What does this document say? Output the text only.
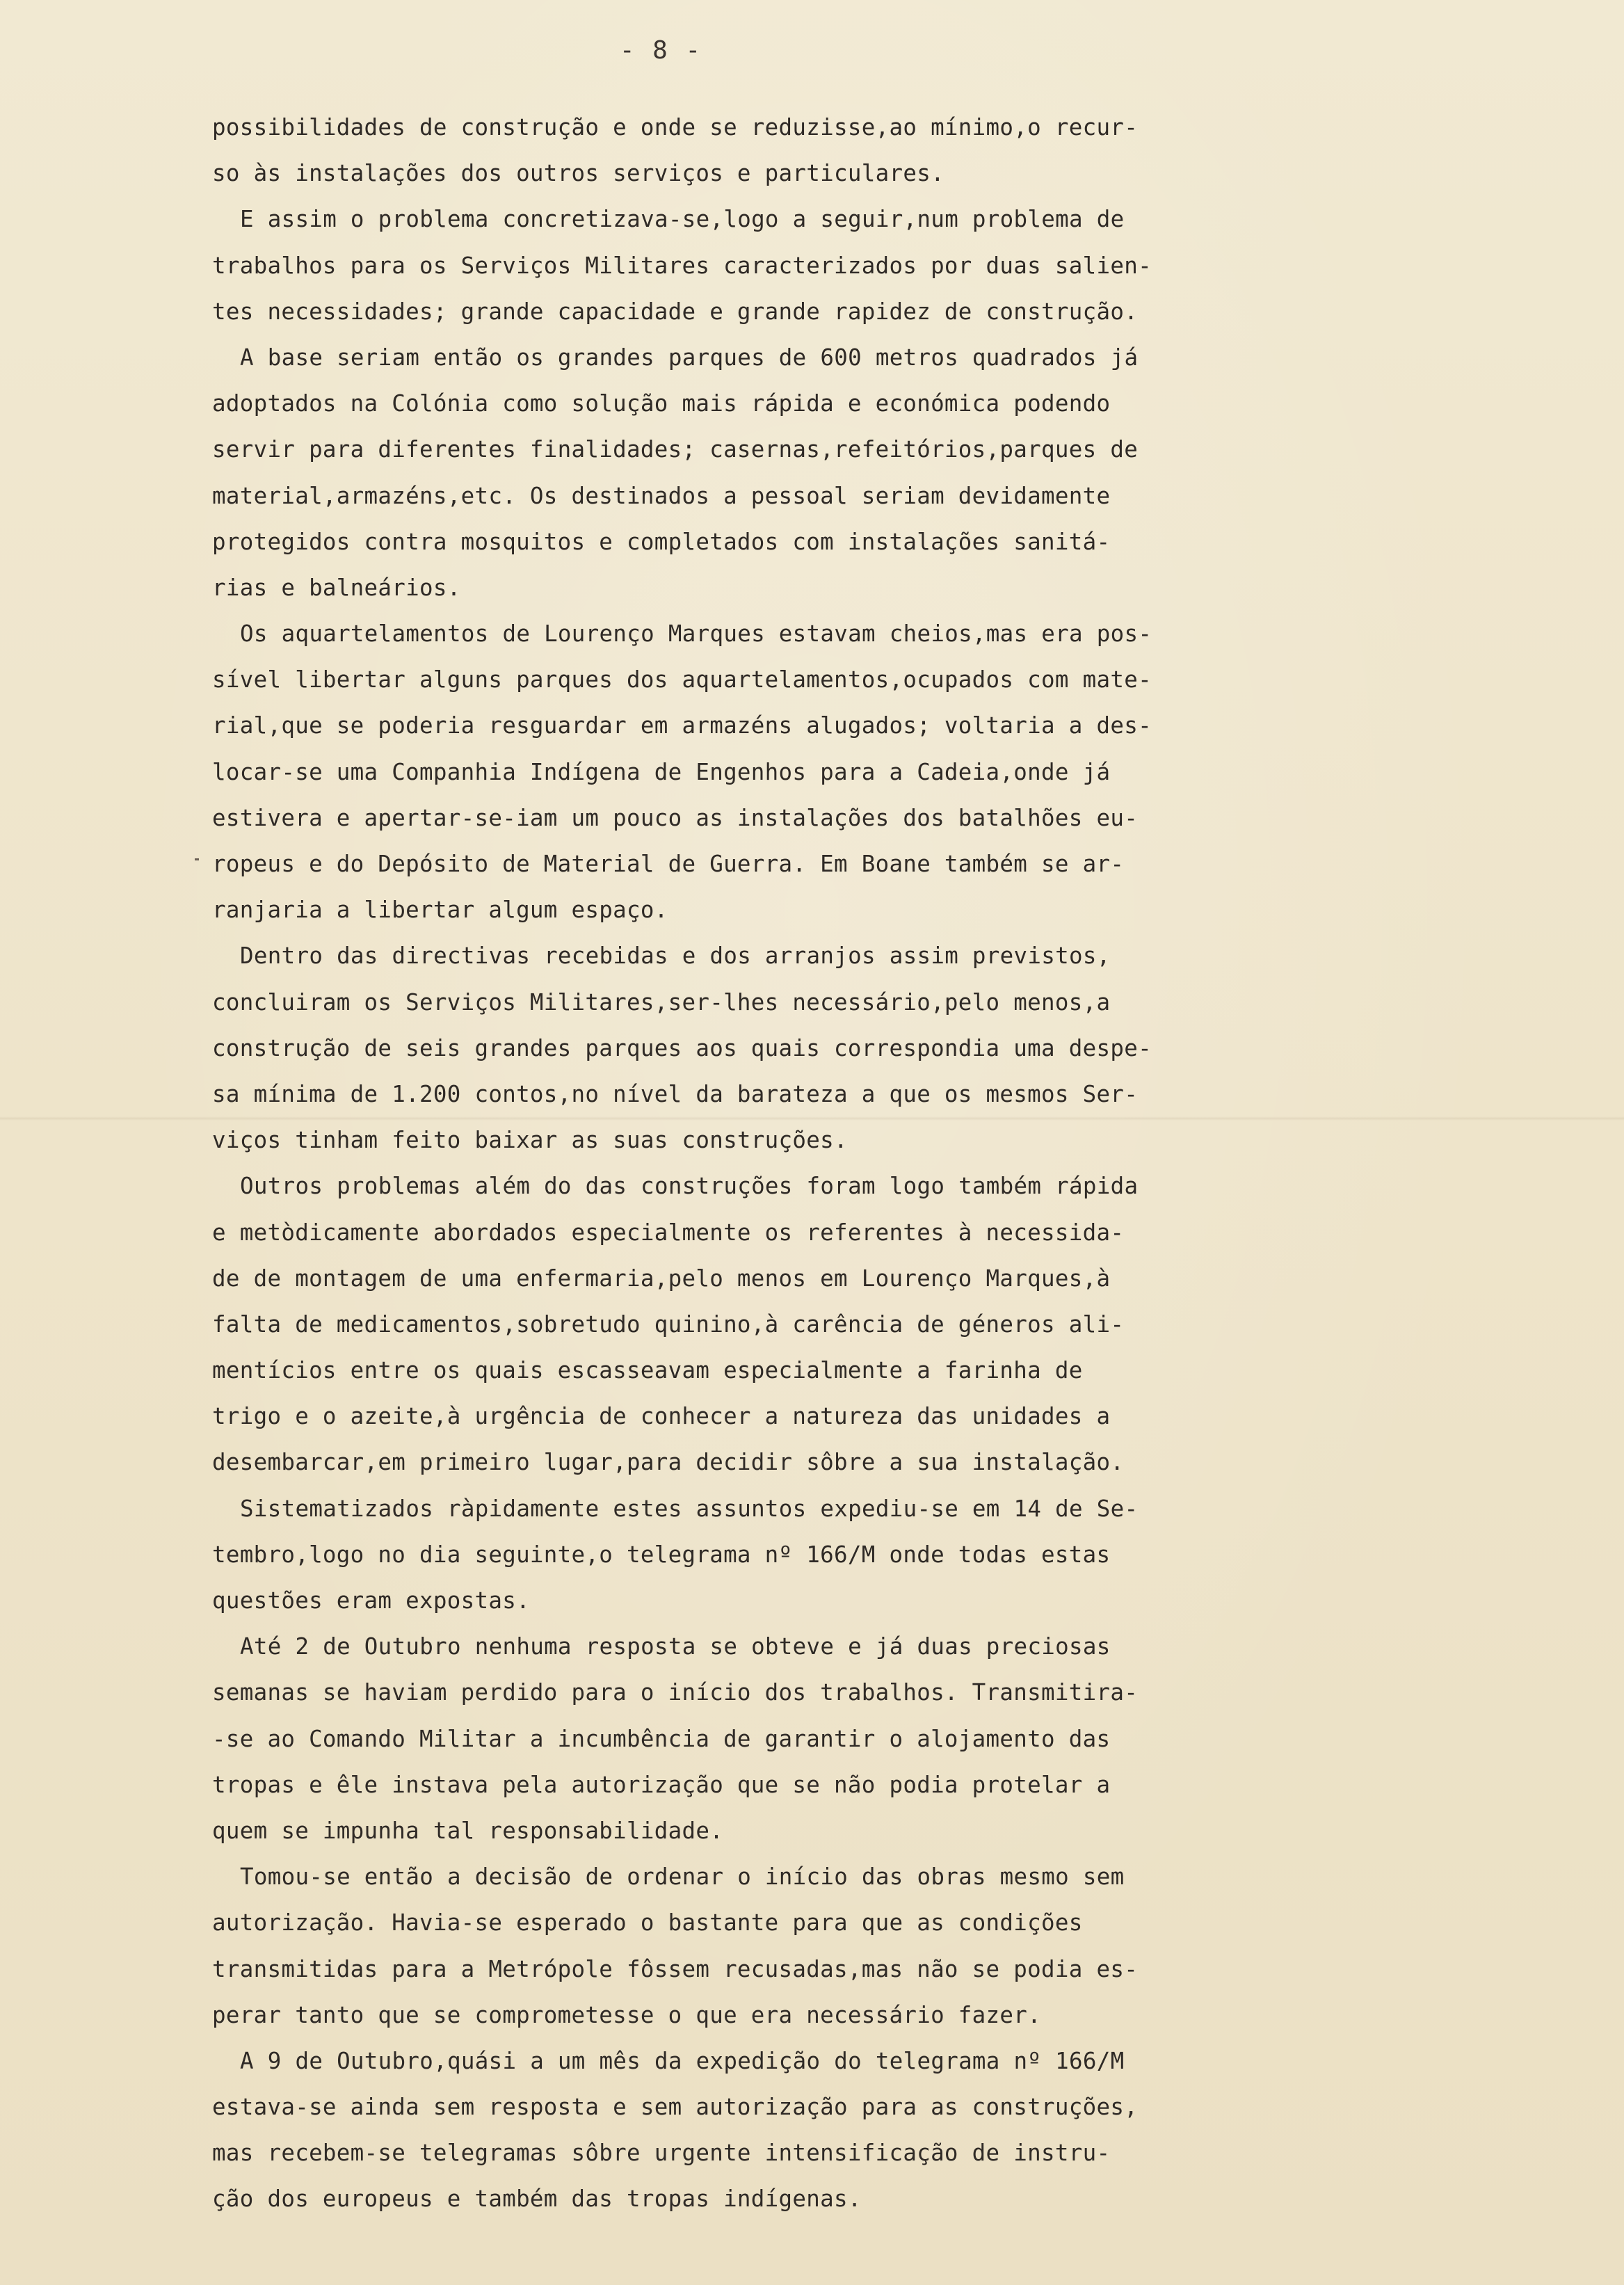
- 8 -
possibilidades de construção e onde se reduzisse,ao mínimo,o recur-
so às instalações dos outros serviços e particulares.
E assim o problema concretizava-se,logo a seguir,num problema de
trabalhos para os Serviços Militares caracterizados por duas salien-
tes necessidades; grande capacidade e grande rapidez de construção.
A base seriam então os grandes parques de 600 metros quadrados já
adoptados na Colónia como solução mais rápida e económica podendo
servir para diferentes finalidades; casernas,refeitórios,parques de
material,armazéns,etc. Os destinados a pessoal seriam devidamente
protegidos contra mosquitos e completados com instalações sanitá-
rias e balneários.
Os aquartelamentos de Lourenço Marques estavam cheios,mas era pos-
sível libertar alguns parques dos aquartelamentos,ocupados com mate-
rial,que se poderia resguardar em armazéns alugados; voltaria a des-
locar-se uma Companhia Indígena de Engenhos para a Cadeia,onde já
estivera e apertar-se-iam um pouco as instalações dos batalhões eu-
ropeus e do Depósito de Material de Guerra. Em Boane também se ar-
ranjaria a libertar algum espaço.
Dentro das directivas recebidas e dos arranjos assim previstos,
concluiram os Serviços Militares,ser-lhes necessário,pelo menos,a
construção de seis grandes parques aos quais correspondia uma despe-
sa mínima de 1.200 contos,no nível da barateza a que os mesmos Ser-
viços tinham feito baixar as suas construções.
Outros problemas além do das construções foram logo também rápida
e metòdicamente abordados especialmente os referentes à necessida-
de de montagem de uma enfermaria,pelo menos em Lourenço Marques,à
falta de medicamentos,sobretudo quinino,à carência de géneros ali-
mentícios entre os quais escasseavam especialmente a farinha de
trigo e o azeite,à urgência de conhecer a natureza das unidades a
desembarcar,em primeiro lugar,para decidir sôbre a sua instalação.
Sistematizados ràpidamente estes assuntos expediu-se em 14 de Se-
tembro,logo no dia seguinte,o telegrama nº 166/M onde todas estas
questões eram expostas.
Até 2 de Outubro nenhuma resposta se obteve e já duas preciosas
semanas se haviam perdido para o início dos trabalhos. Transmitira-
-se ao Comando Militar a incumbência de garantir o alojamento das
tropas e êle instava pela autorização que se não podia protelar a
quem se impunha tal responsabilidade.
Tomou-se então a decisão de ordenar o início das obras mesmo sem
autorização. Havia-se esperado o bastante para que as condições
transmitidas para a Metrópole fôssem recusadas,mas não se podia es-
perar tanto que se comprometesse o que era necessário fazer.
A 9 de Outubro,quási a um mês da expedição do telegrama nº 166/M
estava-se ainda sem resposta e sem autorização para as construções,
mas recebem-se telegramas sôbre urgente intensificação de instru-
ção dos europeus e também das tropas indígenas.
